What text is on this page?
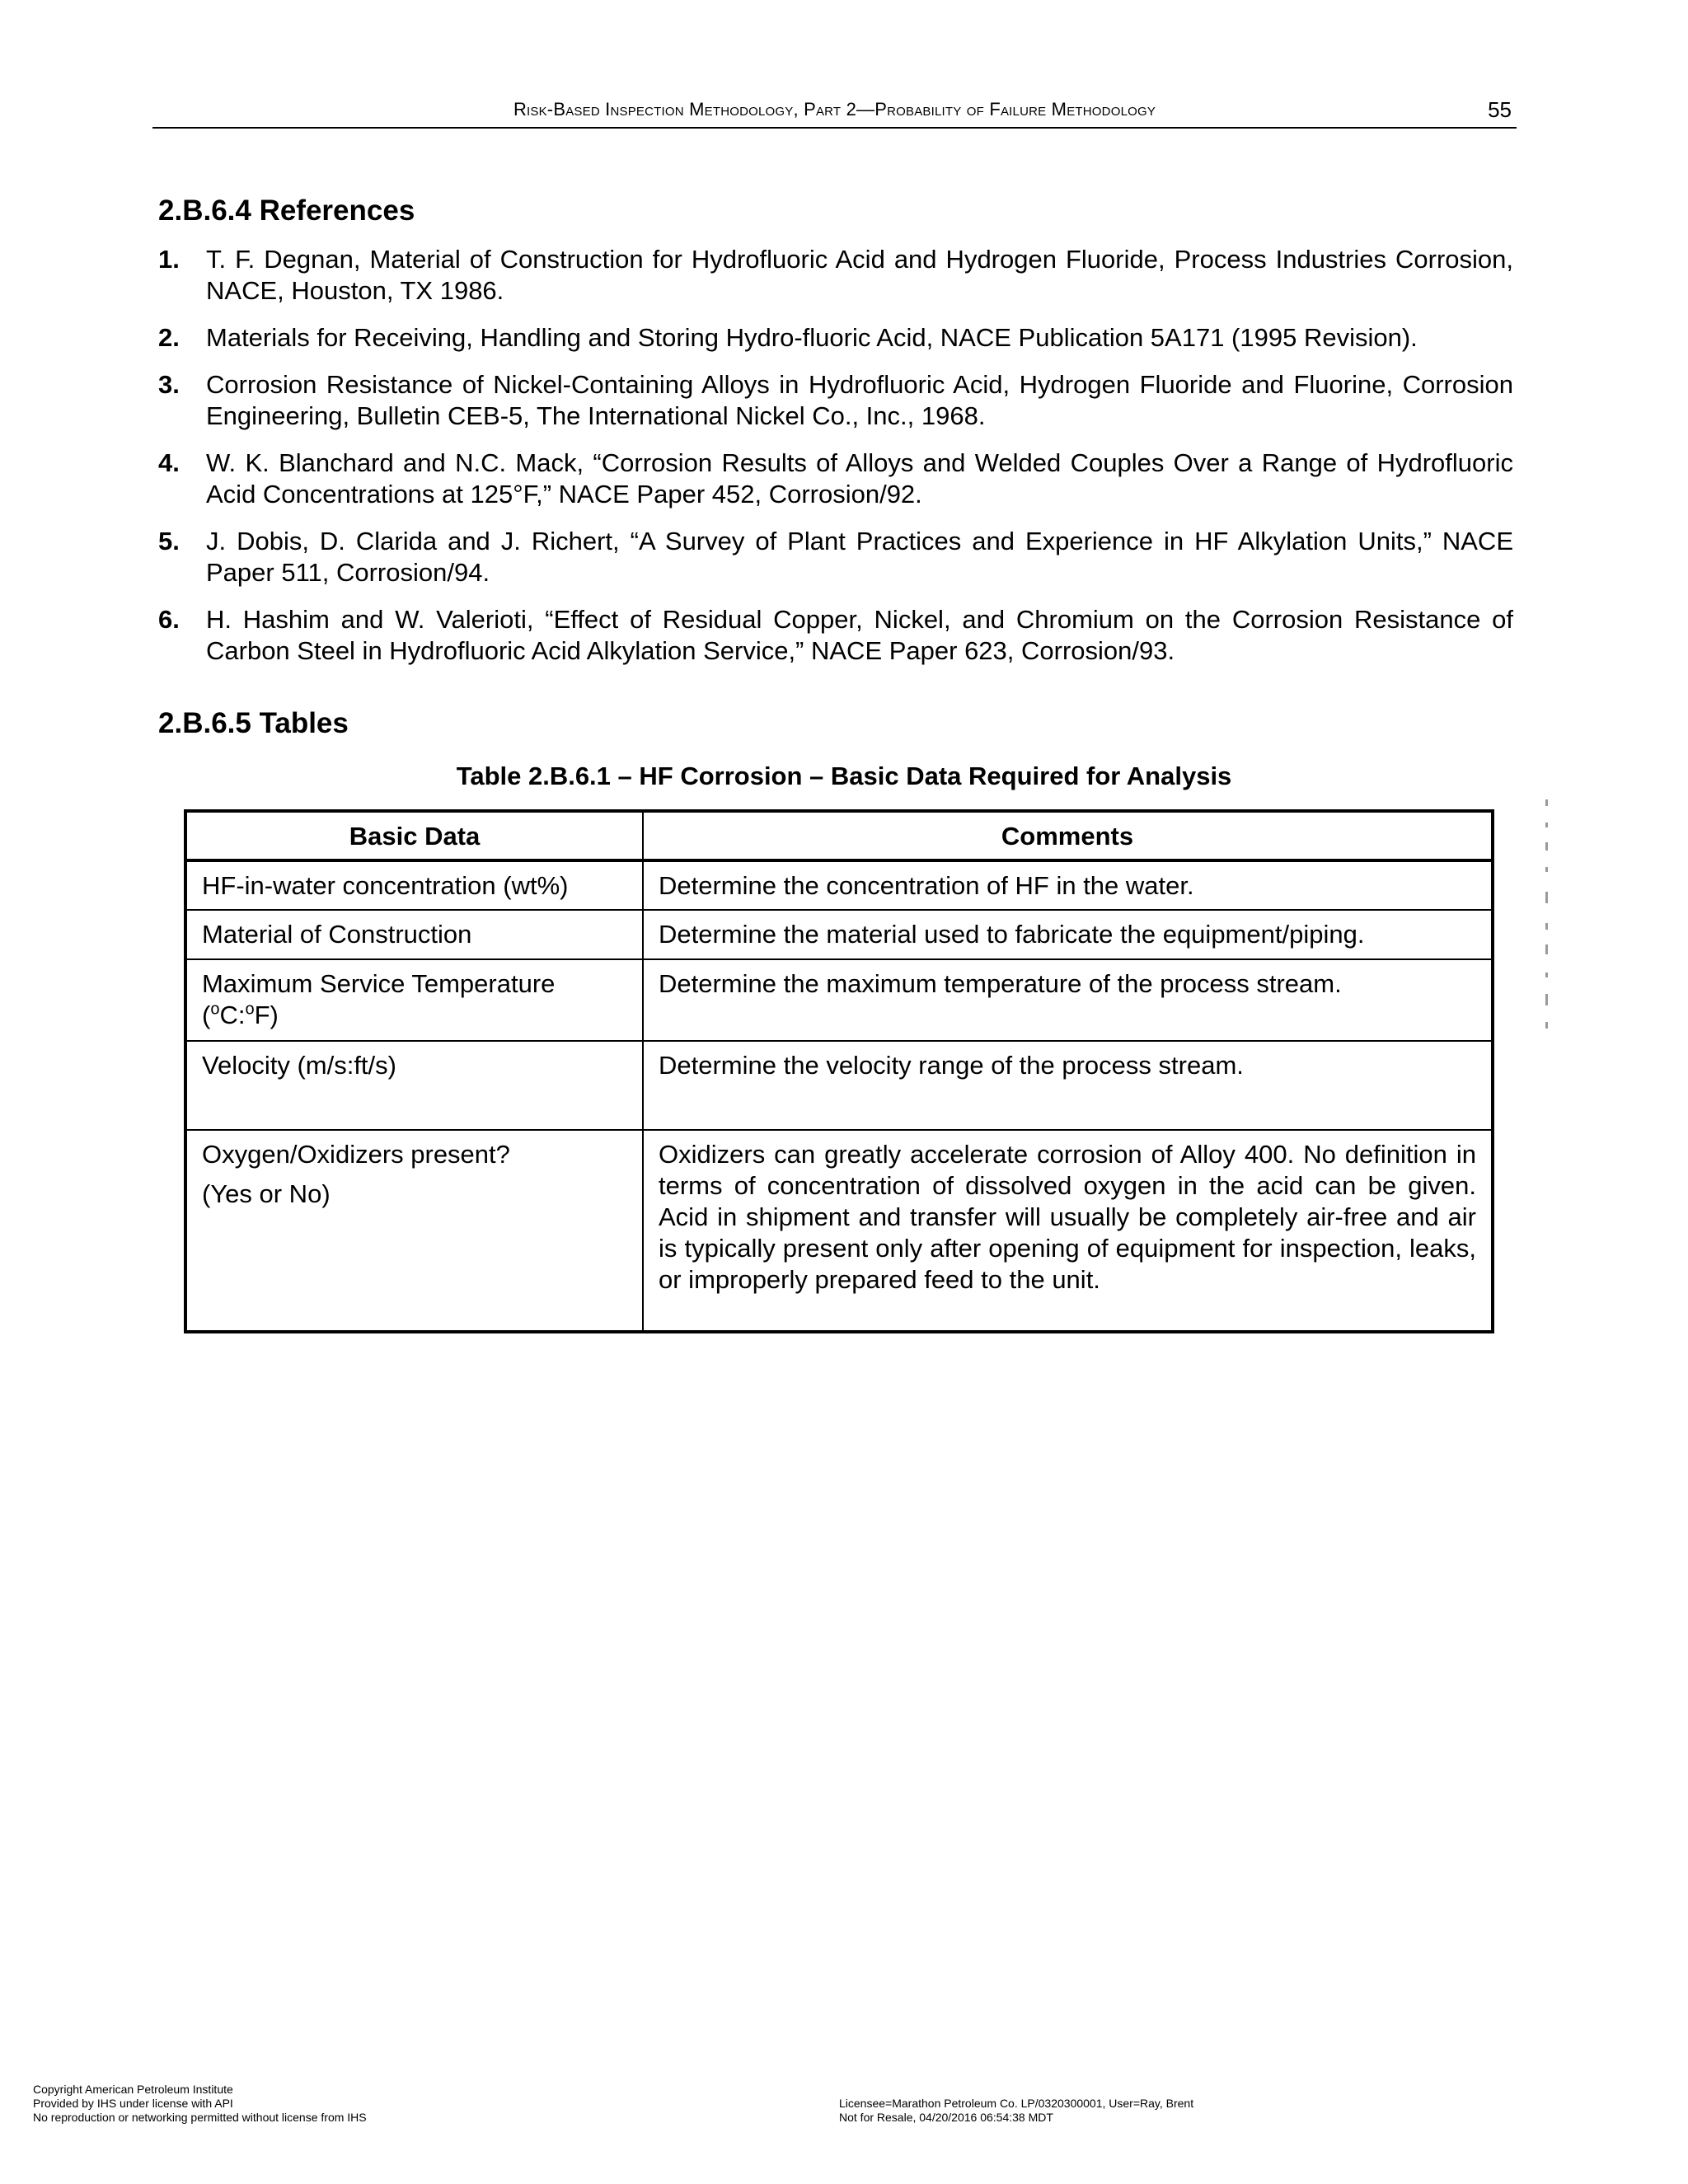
Risk-Based Inspection Methodology, Part 2—Probability of Failure Methodology	55
2.B.6.4 References
1. T. F. Degnan, Material of Construction for Hydrofluoric Acid and Hydrogen Fluoride, Process Industries Corrosion, NACE, Houston, TX 1986.
2. Materials for Receiving, Handling and Storing Hydro-fluoric Acid, NACE Publication 5A171 (1995 Revision).
3. Corrosion Resistance of Nickel-Containing Alloys in Hydrofluoric Acid, Hydrogen Fluoride and Fluorine, Corrosion Engineering, Bulletin CEB-5, The International Nickel Co., Inc., 1968.
4. W. K. Blanchard and N.C. Mack, “Corrosion Results of Alloys and Welded Couples Over a Range of Hydrofluoric Acid Concentrations at 125°F,” NACE Paper 452, Corrosion/92.
5. J. Dobis, D. Clarida and J. Richert, “A Survey of Plant Practices and Experience in HF Alkylation Units,” NACE Paper 511, Corrosion/94.
6. H. Hashim and W. Valerioti, “Effect of Residual Copper, Nickel, and Chromium on the Corrosion Resistance of Carbon Steel in Hydrofluoric Acid Alkylation Service,” NACE Paper 623, Corrosion/93.
2.B.6.5 Tables
Table 2.B.6.1 – HF Corrosion – Basic Data Required for Analysis
Basic Data	Comments
HF-in-water concentration (wt%)	Determine the concentration of HF in the water.
Material of Construction	Determine the material used to fabricate the equipment/piping.

Maximum Service Temperature
($^o$C:$^o$F)	Determine the maximum temperature of the process stream.
Velocity (m/s:ft/s)	Determine the velocity range of the process stream.

Oxygen/Oxidizers present?
(Yes or No)	Oxidizers can greatly accelerate corrosion of Alloy 400. No definition in terms of concentration of dissolved oxygen in the acid can be given. Acid in shipment and transfer will usually be completely air-free and air is typically present only after opening of equipment for inspection, leaks, or improperly prepared feed to the unit.
Copyright American Petroleum Institute
Provided by IHS under license with API
No reproduction or networking permitted without license from IHS
Licensee=Marathon Petroleum Co. LP/0320300001, User=Ray, Brent
Not for Resale, 04/20/2016 06:54:38 MDT
